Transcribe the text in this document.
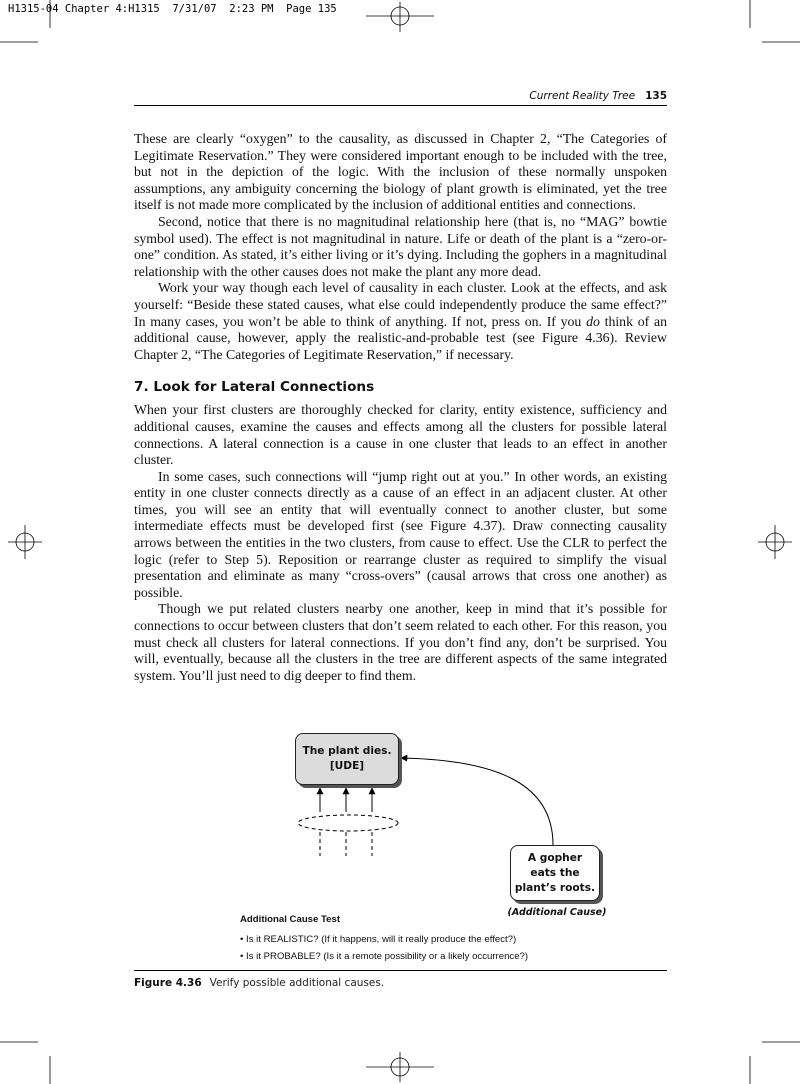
H1315-04 Chapter 4:H1315  7/31/07  2:23 PM  Page 135
Current Reality Tree 135

These are clearly “oxygen” to the causality, as discussed in Chapter 2, “The Categories of Legitimate Reservation.” They were considered important enough to be included with the tree, but not in the depiction of the logic. With the inclusion of these normally unspoken assumptions, any ambiguity concerning the biology of plant growth is eliminated, yet the tree itself is not made more complicated by the inclusion of additional entities and connections.

Second, notice that there is no magnitudinal relationship here (that is, no “MAG” bowtie symbol used). The effect is not magnitudinal in nature. Life or death of the plant is a “zero-or-one” condition. As stated, it’s either living or it’s dying. Including the gophers in a magnitudinal relationship with the other causes does not make the plant any more dead.

Work your way though each level of causality in each cluster. Look at the effects, and ask yourself: “Beside these stated causes, what else could independently produce the same effect?” In many cases, you won’t be able to think of anything. If not, press on. If you do think of an additional cause, however, apply the realistic-and-probable test (see Figure 4.36). Review Chapter 2, “The Categories of Legitimate Reservation,” if necessary.

7. Look for Lateral Connections

When your first clusters are thoroughly checked for clarity, entity existence, sufficiency and additional causes, examine the causes and effects among all the clusters for possible lateral connections. A lateral connection is a cause in one cluster that leads to an effect in another cluster.

In some cases, such connections will “jump right out at you.” In other words, an existing entity in one cluster connects directly as a cause of an effect in an adjacent cluster. At other times, you will see an entity that will eventually connect to another cluster, but some intermediate effects must be developed first (see Figure 4.37). Draw connecting causality arrows between the entities in the two clusters, from cause to effect. Use the CLR to perfect the logic (refer to Step 5). Reposition or rearrange cluster as required to simplify the visual presentation and eliminate as many “cross-overs” (causal arrows that cross one another) as possible.

Though we put related clusters nearby one another, keep in mind that it’s possible for connections to occur between clusters that don’t seem related to each other. For this reason, you must check all clusters for lateral connections. If you don’t find any, don’t be surprised. You will, eventually, because all the clusters in the tree are different aspects of the same integrated system. You’ll just need to dig deeper to find them.

The plant dies.
[UDE]
A gopher
eats the
plant’s roots.
(Additional Cause)
Additional Cause Test
• Is it REALISTIC? (If it happens, will it really produce the effect?)
• Is it PROBABLE? (Is it a remote possibility or a likely occurrence?)
Figure 4.36 Verify possible additional causes.
